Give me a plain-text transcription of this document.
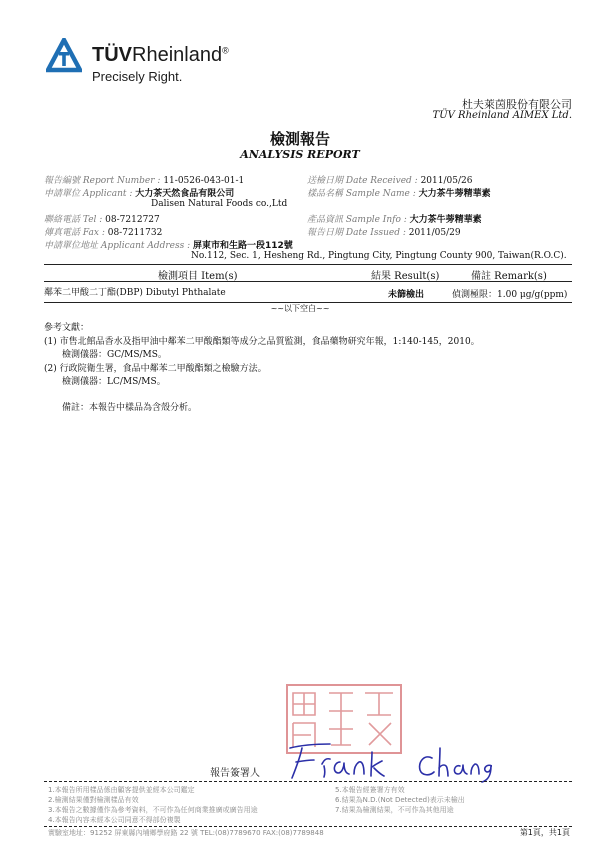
TÜVRheinland®
Precisely Right.
杜夫萊茵股份有限公司
TÜV Rheinland AIMEX Ltd.
檢測報告
ANALYSIS REPORT
報告編號 Report Number : 11-0526-043-01-1
申請單位 Applicant : 大力茶天然食品有限公司
Dalisen Natural Foods co.,Ltd
聯絡電話 Tel : 08-7212727
傳真電話 Fax : 08-7211732
申請單位地址 Applicant Address : 屏東市和生路一段112號
No.112, Sec. 1, Hesheng Rd., Pingtung City, Pingtung County 900, Taiwan(R.O.C).
送檢日期 Date Received : 2011/05/26
樣品名稱 Sample Name : 大力茶牛蒡精華素
產品資訊 Sample Info : 大力茶牛蒡精華素
報告日期 Date Issued : 2011/05/29
檢測項目 Item(s)	結果 Result(s)	備註 Remark(s)
鄰苯二甲酸二丁酯(DBP) Dibutyl Phthalate	未篩檢出	偵測極限：1.00 μg/g(ppm)
~~以下空白~~
參考文獻：
(1) 市售北館品香水及指甲油中鄰苯二甲酸酯類等成分之品質監測，食品藥物研究年報，1:140-145，2010。
檢測儀器：GC/MS/MS。
(2) 行政院衛生署，食品中鄰苯二甲酸酯類之檢驗方法。
檢測儀器：LC/MS/MS。
備註：本報告中樣品為含殼分析。
報告簽署人
1.本報告所用樣品係由顧客提供並經本公司鑑定
2.檢測結果僅對檢測樣品有效
3.本報告之數據僅作為參考資料，不可作為任何商業推廣或廣告用途
4.本報告內容未經本公司同意不得部份複製
5.本報告經簽署方有效
6.結果為N.D.(Not Detected)表示未檢出
7.結果為檢測結果，不可作為其他用途
實驗室地址：91252 屏東縣內埔鄉學府路 22 號 TEL:(08)7789670 FAX:(08)7789848	第1頁，共1頁
